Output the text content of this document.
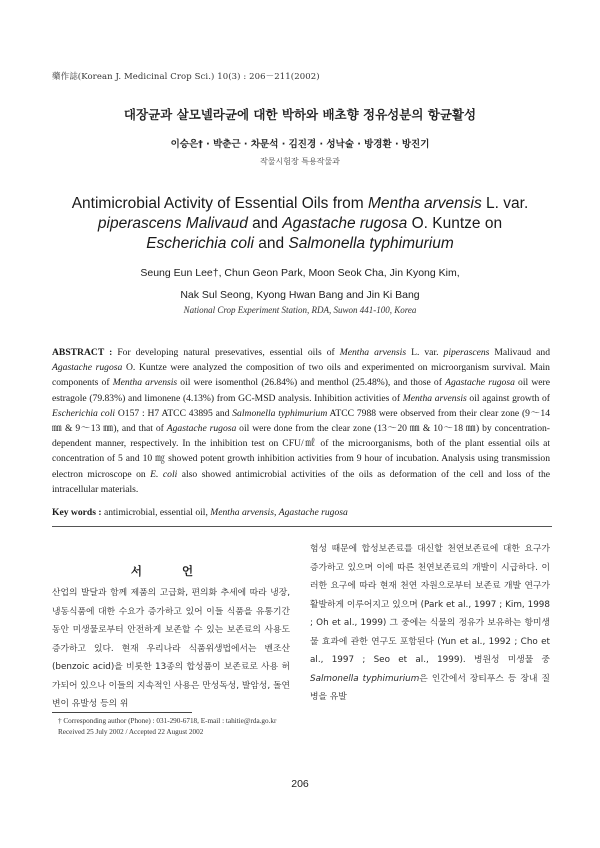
藥作誌(Korean J. Medicinal Crop Sci.) 10(3) : 206－211(2002)
대장균과 살모넬라균에 대한 박하와 배초향 정유성분의 항균활성
이승은† · 박춘근 · 차문석 · 김진경 · 성낙술 · 방경환 · 방진기
작물시험장 특용작물과
Antimicrobial Activity of Essential Oils from Mentha arvensis L. var.
piperascens Malivaud and Agastache rugosa O. Kuntze on
Escherichia coli and Salmonella typhimurium
Seung Eun Lee†, Chun Geon Park, Moon Seok Cha, Jin Kyong Kim,
Nak Sul Seong, Kyong Hwan Bang and Jin Ki Bang
National Crop Experiment Station, RDA, Suwon 441-100, Korea
ABSTRACT : For developing natural presevatives, essential oils of Mentha arvensis L. var. piperascens Malivaud and Agastache rugosa O. Kuntze were analyzed the composition of two oils and experimented on microorganism survival. Main components of Mentha arvensis oil were isomenthol (26.84%) and menthol (25.48%), and those of Agastache rugosa oil were estragole (79.83%) and limonene (4.13%) from GC-MSD analysis. Inhibition activities of Mentha arvensis oil against growth of Escherichia coli O157 : H7 ATCC 43895 and Salmonella typhimurium ATCC 7988 were observed from their clear zone (9～14 ㎜ & 9～13 ㎜), and that of Agastache rugosa oil were done from the clear zone (13～20 ㎜ & 10～18 ㎜) by concentration-dependent manner, respectively. In the inhibition test on CFU/㎖ of the microorganisms, both of the plant essential oils at concentration of 5 and 10 ㎎ showed potent growth inhibition activities from 9 hour of incubation. Analysis using transmission electron microscope on E. coli also showed antimicrobial activities of the oils as deformation of the cell and loss of the intracellular materials.
Key words : antimicrobial, essential oil, Mentha arvensis, Agastache rugosa
서 언
산업의 발달과 함께 제품의 고급화, 편의화 추세에 따라 냉장, 냉동식품에 대한 수요가 증가하고 있어 이들 식품을 유통기간 동안 미생물로부터 안전하게 보존할 수 있는 보존료의 사용도 증가하고 있다. 현재 우리나라 식품위생법에서는 벤조산 (benzoic acid)을 비롯한 13종의 합성품이 보존료로 사용 허가되어 있으나 이들의 지속적인 사용은 만성독성, 발암성, 돌연변이 유발성 등의 위
험성 때문에 합성보존료를 대신할 천연보존료에 대한 요구가 증가하고 있으며 이에 따른 천연보존료의 개발이 시급하다. 이러한 요구에 따라 현재 천연 자원으로부터 보존료 개발 연구가 활발하게 이루어지고 있으며 (Park et al., 1997 ; Kim, 1998 ; Oh et al., 1999) 그 중에는 식물의 정유가 보유하는 항미생물 효과에 관한 연구도 포함된다 (Yun et al., 1992 ; Cho et al., 1997 ; Seo et al., 1999). 병원성 미생물 중 Salmonella typhimurium은 인간에서 장티푸스 등 장내 질병을 유발
† Corresponding author (Phone) : 031-290-6718, E-mail : tahitie@rda.go.kr
Received 25 July 2002 / Accepted 22 August 2002
206
